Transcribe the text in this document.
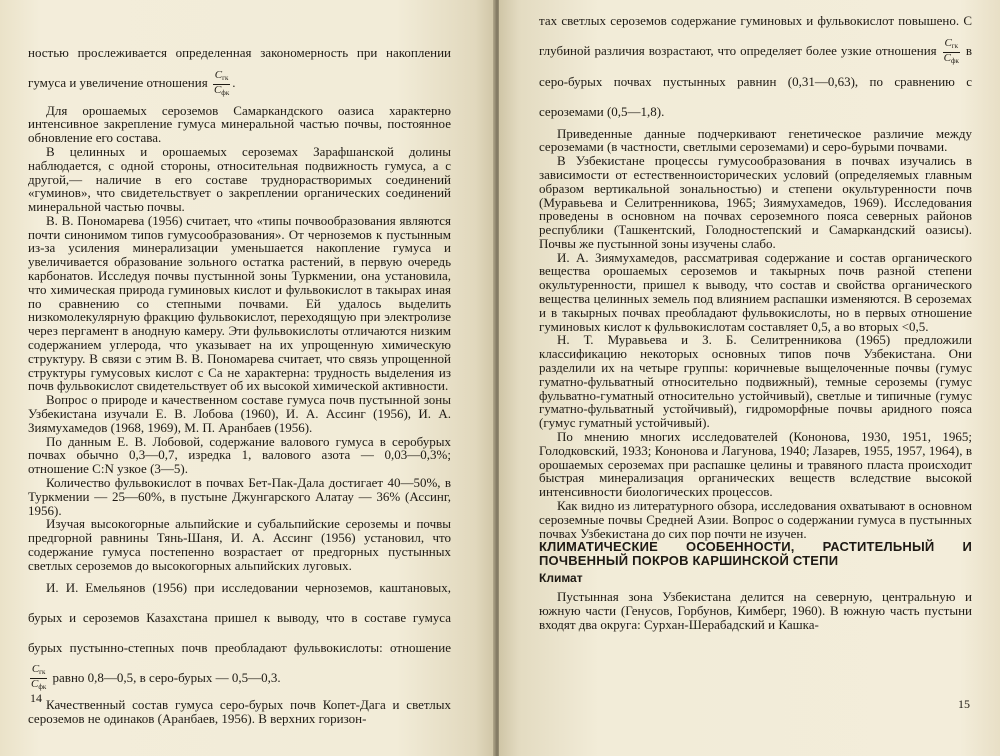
ностью прослеживается определенная закономерность при накоплении гумуса и увеличение отношения $\frac{C_{гк}}{C_{фк}}$ .

Для орошаемых сероземов Самаркандского оазиса характерно интенсивное закрепление гумуса минеральной частью почвы, постоянное обновление его состава.

В целинных и орошаемых сероземах Зарафшанской долины наблюдается, с одной стороны, относительная подвижность гумуса, а с другой,— наличие в его составе труднорастворимых соединений «гуминов», что свидетельствует о закреплении органических соединений минеральной частью почвы.

В. В. Пономарева (1956) считает, что «типы почвообразования являются почти синонимом типов гумусообразования». От черноземов к пустынным из-за усиления минерализации уменьшается накопление гумуса и увеличивается образование зольного остатка растений, в первую очередь карбонатов. Исследуя почвы пустынной зоны Туркмении, она установила, что химическая природа гуминовых кислот и фульвокислот в такырах иная по сравнению со степными почвами. Ей удалось выделить низкомолекулярную фракцию фульвокислот, переходящую при электролизе через пергамент в анодную камеру. Эти фульвокислоты отличаются низким содержанием углерода, что указывает на их упрощенную химическую структуру. В связи с этим В. В. Пономарева считает, что связь упрощенной структуры гумусовых кислот с Са не характерна: трудность выделения из почв фульвокислот свидетельствует об их высокой химической активности.

Вопрос о природе и качественном составе гумуса почв пустынной зоны Узбекистана изучали Е. В. Лобова (1960), И. А. Ассинг (1956), И. А. Зиямухамедов (1968, 1969), М. П. Аранбаев (1956).

По данным Е. В. Лобовой, содержание валового гумуса в серобурых почвах обычно 0,3—0,7, изредка 1, валового азота — 0,03—0,3%; отношение C:N узкое (3—5).

Количество фульвокислот в почвах Бет-Пак-Дала достигает 40—50%, в Туркмении — 25—60%, в пустыне Джунгарского Алатау — 36% (Ассинг, 1956).

Изучая высокогорные альпийские и субальпийские сероземы и почвы предгорной равнины Тянь-Шаня, И. А. Ассинг (1956) установил, что содержание гумуса постепенно возрастает от предгорных пустынных светлых сероземов до высокогорных альпийских луговых.

И. И. Емельянов (1956) при исследовании черноземов, каштановых, бурых и сероземов Казахстана пришел к выводу, что в составе гумуса бурых пустынно-степных почв преобладают фульвокислоты: отношение
$\frac{C_{гк}}{C_{фк}}$ равно 0,8—0,5, в серо-бурых — 0,5—0,3.

Качественный состав гумуса серо-бурых почв Копет-Дага и светлых сероземов не одинаков (Аранбаев, 1956). В верхних горизон-

14

тах светлых сероземов содержание гуминовых и фульвокислот повышено. С глубиной различия возрастают, что определяет более узкие отношения $\frac{C_{гк}}{C_{фк}}$ в серо-бурых почвах пустынных равнин (0,31—0,63), по сравнению с сероземами (0,5—1,8).

Приведенные данные подчеркивают генетическое различие между сероземами (в частности, светлыми сероземами) и серо-бурыми почвами.

В Узбекистане процессы гумусообразования в почвах изучались в зависимости от естественноисторических условий (определяемых главным образом вертикальной зональностью) и степени окультуренности почв (Муравьева и Селитренникова, 1965; Зиямухамедов, 1969). Исследования проведены в основном на почвах сероземного пояса северных районов республики (Ташкентский, Голодностепский и Самаркандский оазисы). Почвы же пустынной зоны изучены слабо.

И. А. Зиямухамедов, рассматривая содержание и состав органического вещества орошаемых сероземов и такырных почв разной степени окультуренности, пришел к выводу, что состав и свойства органического вещества целинных земель под влиянием распашки изменяются. В сероземах и в такырных почвах преобладают фульвокислоты, но в первых отношение гуминовых кислот к фульвокислотам составляет 0,5, а во вторых <0,5.

Н. Т. Муравьева и З. Б. Селитренникова (1965) предложили классификацию некоторых основных типов почв Узбекистана. Они разделили их на четыре группы: коричневые выщелоченные почвы (гумус гуматно-фульватный относительно подвижный), темные сероземы (гумус фульватно-гуматный относительно устойчивый), светлые и типичные (гумус гуматно-фульватный устойчивый), гидроморфные почвы аридного пояса (гумус гуматный устойчивый).

По мнению многих исследователей (Кононова, 1930, 1951, 1965; Голодковский, 1933; Кононова и Лагунова, 1940; Лазарев, 1955, 1957, 1964), в орошаемых сероземах при распашке целины и травяного пласта происходит быстрая минерализация органических веществ вследствие высокой интенсивности биологических процессов.

Как видно из литературного обзора, исследования охватывают в основном сероземные почвы Средней Азии. Вопрос о содержании гумуса в пустынных почвах Узбекистана до сих пор почти не изучен.

КЛИМАТИЧЕСКИЕ ОСОБЕННОСТИ, РАСТИТЕЛЬНЫЙ И ПОЧВЕННЫЙ ПОКРОВ КАРШИНСКОЙ СТЕПИ

Климат

Пустынная зона Узбекистана делится на северную, центральную и южную части (Генусов, Горбунов, Кимберг, 1960). В южную часть пустыни входят два округа: Сурхан-Шерабадский и Кашка-

15
